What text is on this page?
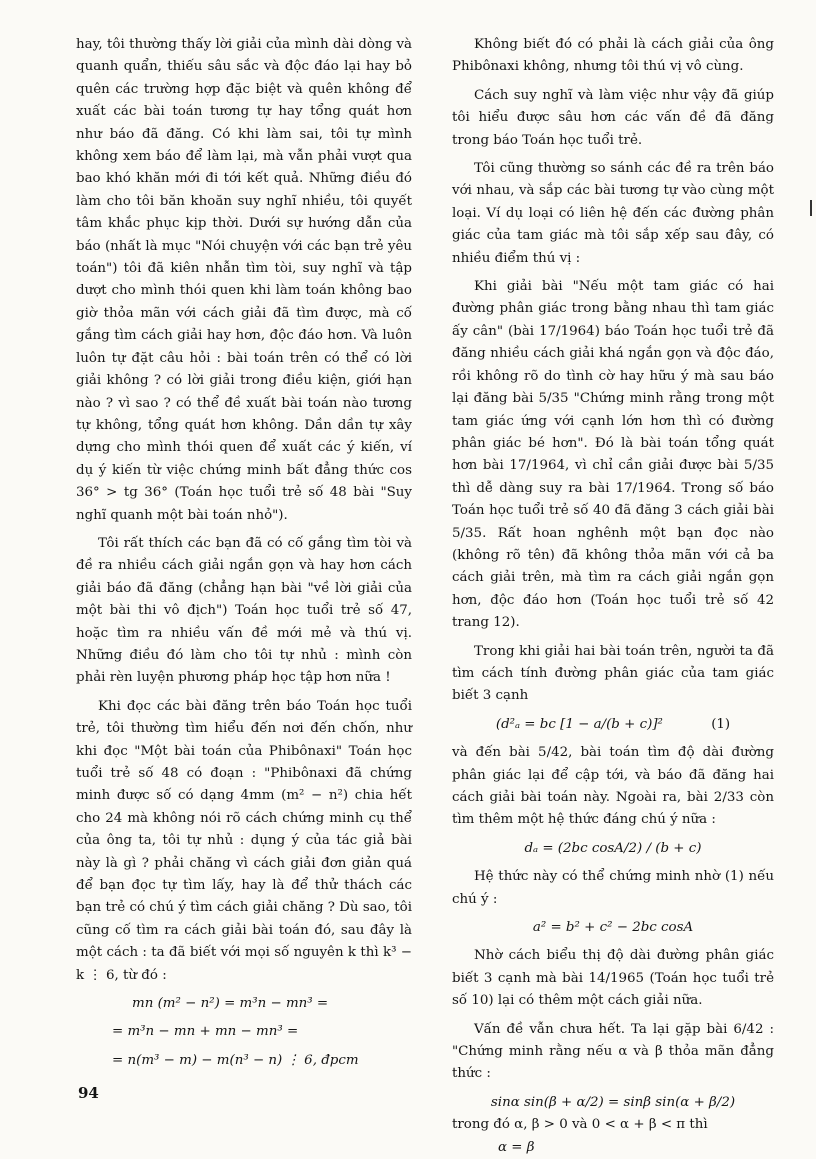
hay, tôi thường thấy lời giải của mình dài dòng và quanh quẩn, thiếu sâu sắc và độc đáo lại hay bỏ quên các trường hợp đặc biệt và quên không để xuất các bài toán tương tự hay tổng quát hơn như báo đã đăng. Có khi làm sai, tôi tự mình không xem báo để làm lại, mà vẫn phải vượt qua bao khó khăn mới đi tới kết quả. Những điều đó làm cho tôi băn khoăn suy nghĩ nhiều, tôi quyết tâm khắc phục kịp thời. Dưới sự hướng dẫn của báo (nhất là mục "Nói chuyện với các bạn trẻ yêu toán") tôi đã kiên nhẫn tìm tòi, suy nghĩ và tập dượt cho mình thói quen khi làm toán không bao giờ thỏa mãn với cách giải đã tìm được, mà cố gắng tìm cách giải hay hơn, độc đáo hơn. Và luôn luôn tự đặt câu hỏi : bài toán trên có thể có lời giải không ? có lời giải trong điều kiện, giới hạn nào ? vì sao ? có thể đề xuất bài toán nào tương tự không, tổng quát hơn không. Dần dần tự xây dựng cho mình thói quen để xuất các ý kiến, ví dụ ý kiến từ việc chứng minh bất đẳng thức cos 36° > tg 36° (Toán học tuổi trẻ số 48 bài "Suy nghĩ quanh một bài toán nhỏ").

Tôi rất thích các bạn đã có cố gắng tìm tòi và đề ra nhiều cách giải ngắn gọn và hay hơn cách giải báo đã đăng (chẳng hạn bài "về lời giải của một bài thi vô địch") Toán học tuổi trẻ số 47, hoặc tìm ra nhiều vấn đề mới mẻ và thú vị. Những điều đó làm cho tôi tự nhủ : mình còn phải rèn luyện phương pháp học tập hơn nữa !

Khi đọc các bài đăng trên báo Toán học tuổi trẻ, tôi thường tìm hiểu đến nơi đến chốn, như khi đọc "Một bài toán của Phibônaxi" Toán học tuổi trẻ số 48 có đoạn : "Phibônaxi đã chứng minh được số có dạng 4mm (m² − n²) chia hết cho 24 mà không nói rõ cách chứng minh cụ thể của ông ta, tôi tự nhủ : dụng ý của tác giả bài này là gì ? phải chăng vì cách giải đơn giản quá để bạn đọc tự tìm lấy, hay là để thử thách các bạn trẻ có chú ý tìm cách giải chăng ? Dù sao, tôi cũng cố tìm ra cách giải bài toán đó, sau đây là một cách : ta đã biết với mọi số nguyên k thì k³ − k ⋮ 6, từ đó :

mn (m² − n²) = m³n − mn³ =
= m³n − mn + mn − mn³ =
= n(m³ − m) − m(n³ − n) ⋮ 6, đpcm

Không biết đó có phải là cách giải của ông Phibônaxi không, nhưng tôi thú vị vô cùng.

Cách suy nghĩ và làm việc như vậy đã giúp tôi hiểu được sâu hơn các vấn đề đã đăng trong báo Toán học tuổi trẻ.

Tôi cũng thường so sánh các đề ra trên báo với nhau, và sắp các bài tương tự vào cùng một loại. Ví dụ loại có liên hệ đến các đường phân giác của tam giác mà tôi sắp xếp sau đây, có nhiều điểm thú vị :

Khi giải bài "Nếu một tam giác có hai đường phân giác trong bằng nhau thì tam giác ấy cân" (bài 17/1964) báo Toán học tuổi trẻ đã đăng nhiều cách giải khá ngắn gọn và độc đáo, rồi không rõ do tình cờ hay hữu ý mà sau báo lại đăng bài 5/35 "Chứng minh rằng trong một tam giác ứng với cạnh lớn hơn thì có đường phân giác bé hơn". Đó là bài toán tổng quát hơn bài 17/1964, vì chỉ cần giải được bài 5/35 thì dễ dàng suy ra bài 17/1964. Trong số báo Toán học tuổi trẻ số 40 đã đăng 3 cách giải bài 5/35. Rất hoan nghênh một bạn đọc nào (không rõ tên) đã không thỏa mãn với cả ba cách giải trên, mà tìm ra cách giải ngắn gọn hơn, độc đáo hơn (Toán học tuổi trẻ số 42 trang 12).

Trong khi giải hai bài toán trên, người ta đã tìm cách tính đường phân giác của tam giác biết 3 cạnh

(d²ₐ = bc [1 − a/(b + c)]²	(1)

và đến bài 5/42, bài toán tìm độ dài đường phân giác lại để cập tới, và báo đã đăng hai cách giải bài toán này. Ngoài ra, bài 2/33 còn tìm thêm một hệ thức đáng chú ý nữa :

dₐ = (2bc cosA/2) / (b + c)

Hệ thức này có thể chứng minh nhờ (1) nếu chú ý :

a² = b² + c² − 2bc cosA

Nhờ cách biểu thị độ dài đường phân giác biết 3 cạnh mà bài 14/1965 (Toán học tuổi trẻ số 10) lại có thêm một cách giải nữa.

Vấn đề vẫn chưa hết. Ta lại gặp bài 6/42 : "Chứng minh rằng nếu α và β thỏa mãn đẳng thức :

sinα sin(β + α/2) = sinβ sin(α + β/2)

trong đó α, β > 0 và 0 < α + β < π thì

α = β
94
